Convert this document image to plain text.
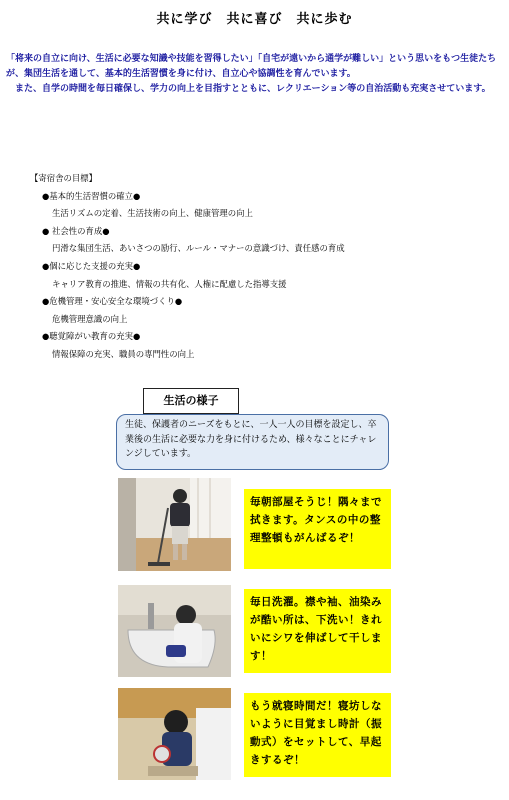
共に学び　共に喜び　共に歩む

「将来の自立に向け、生活に必要な知識や技能を習得したい」「自宅が遠いから通学が難しい」という思いをもつ生徒たちが、集団生活を通して、基本的生活習慣を身に付け、自立心や協調性を育んでいます。

　また、自学の時間を毎日確保し、学力の向上を目指すとともに、レクリエーション等の自治活動も充実させています。

【寄宿舎の目標】
●基本的生活習慣の確立●
生活リズムの定着、生活技術の向上、健康管理の向上
● 社会性の育成●
円滑な集団生活、あいさつの励行、ルール・マナーの意識づけ、責任感の育成
●個に応じた支援の充実●
キャリア教育の推進、情報の共有化、人権に配慮した指導支援
●危機管理・安心安全な環境づくり●
危機管理意識の向上
●聴覚障がい教育の充実●
情報保障の充実、職員の専門性の向上
生活の様子
生徒、保護者のニーズをもとに、一人一人の目標を設定し、卒業後の生活に必要な力を身に付けるため、様々なことにチャレンジしています。
毎朝部屋そうじ！隅々まで拭きます。タンスの中の整理整頓もがんばるぞ！
毎日洗濯。襟や袖、油染みが酷い所は、下洗い！きれいにシワを伸ばして干します！
もう就寝時間だ！寝坊しないように目覚まし時計（振動式）をセットして、早起きするぞ！
